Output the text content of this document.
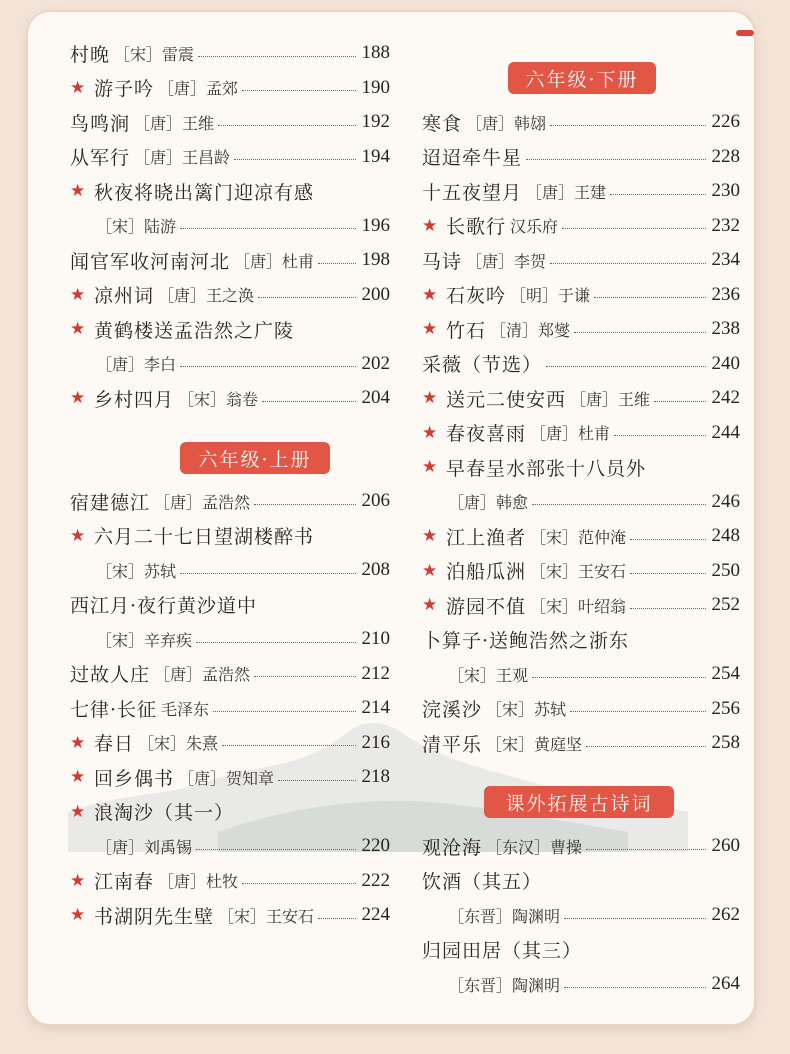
村晚 ［宋］雷震	188
★ 游子吟 ［唐］孟郊	190
鸟鸣涧 ［唐］王维	192
从军行 ［唐］王昌龄	194
★ 秋夜将晓出篱门迎凉有感
［宋］陆游	196
闻官军收河南河北 ［唐］杜甫 198
★ 凉州词 ［唐］王之涣	200
★ 黄鹤楼送孟浩然之广陵
［唐］李白	202
★ 乡村四月 ［宋］翁卷	204
六年级·上册
宿建德江 ［唐］孟浩然	206
★ 六月二十七日望湖楼醉书
［宋］苏轼	208
西江月·夜行黄沙道中
［宋］辛弃疾	210
过故人庄 ［唐］孟浩然	212
七律·长征 毛泽东	214
★ 春日 ［宋］朱熹	216
★ 回乡偶书 ［唐］贺知章	218
★ 浪淘沙（其一）
［唐］刘禹锡	220
★ 江南春 ［唐］杜牧	222
★ 书湖阴先生壁 ［宋］王安石 224
六年级·下册
寒食 ［唐］韩翃	226
迢迢牵牛星	228
十五夜望月 ［唐］王建	230
★ 长歌行 汉乐府	232
马诗 ［唐］李贺	234
★ 石灰吟 ［明］于谦	236
★ 竹石 ［清］郑燮	238
采薇（节选）	240
★ 送元二使安西 ［唐］王维	242
★ 春夜喜雨 ［唐］杜甫	244
★ 早春呈水部张十八员外
［唐］韩愈	246
★ 江上渔者 ［宋］范仲淹	248
★ 泊船瓜洲 ［宋］王安石	250
★ 游园不值 ［宋］叶绍翁	252
卜算子·送鲍浩然之浙东
［宋］王观	254
浣溪沙 ［宋］苏轼	256
清平乐 ［宋］黄庭坚	258
课外拓展古诗词
观沧海 ［东汉］曹操	260
饮酒（其五）
［东晋］陶渊明	262
归园田居（其三）
［东晋］陶渊明	264
